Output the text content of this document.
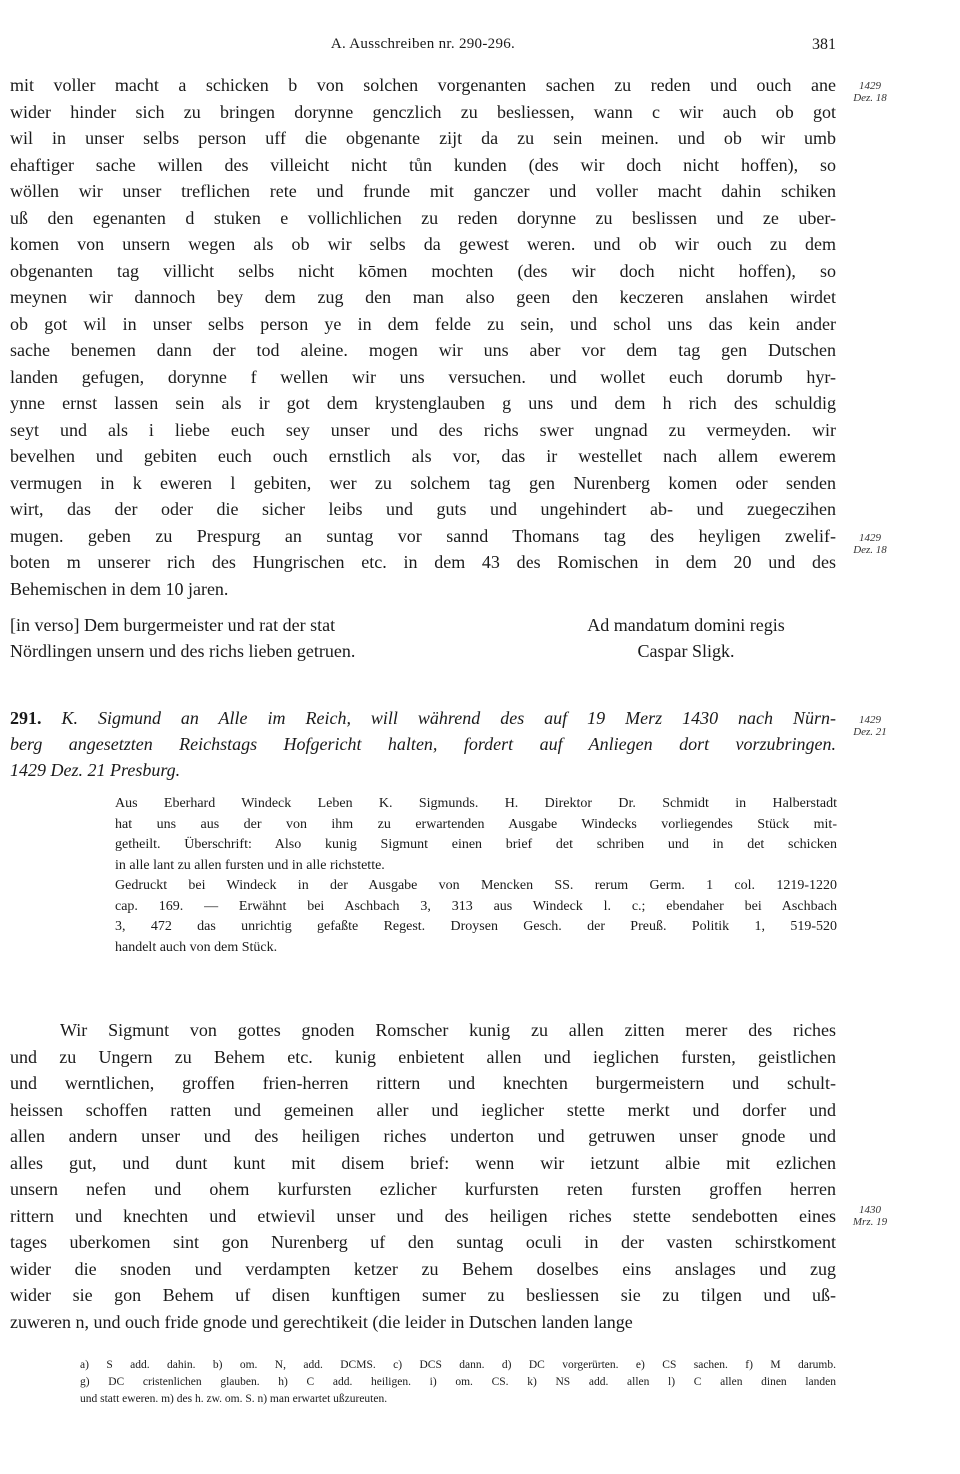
A. Ausschreiben nr. 290-296.	381
mit voller macht a schicken b von solchen vorgenanten sachen zu reden und ouch ane
wider hinder sich zu bringen dorynne genczlich zu besliessen, wann c wir auch ob got
wil in unser selbs person uff die obgenante zijt da zu sein meinen. und ob wir umb
ehaftiger sache willen des villeicht nicht tůn kunden (des wir doch nicht hoffen), so
wöllen wir unser treflichen rete und frunde mit ganczer und voller macht dahin schiken
uß den egenanten d stuken e vollichlichen zu reden dorynne zu beslissen und ze uber-
komen von unsern wegen als ob wir selbs da gewest weren. und ob wir ouch zu dem
obgenanten tag villicht selbs nicht kōmen mochten (des wir doch nicht hoffen), so
meynen wir dannoch bey dem zug den man also geen den keczeren anslahen wirdet
ob got wil in unser selbs person ye in dem felde zu sein, und schol uns das kein ander
sache benemen dann der tod aleine. mogen wir uns aber vor dem tag gen Dutschen
landen gefugen, dorynne f wellen wir uns versuchen. und wollet euch dorumb hyr-
ynne ernst lassen sein als ir got dem krystenglauben g uns und dem h rich des schuldig
seyt und als i liebe euch sey unser und des richs swer ungnad zu vermeyden. wir
bevelhen und gebiten euch ouch ernstlich als vor, das ir westellet nach allem ewerem
vermugen in k eweren l gebiten, wer zu solchem tag gen Nurenberg komen oder senden
wirt, das der oder die sicher leibs und guts und ungehindert ab- und zuegeczihen
mugen. geben zu Prespurg an suntag vor sannd Thomans tag des heyligen zwelif-
boten m unserer rich des Hungrischen etc. in dem 43 des Romischen in dem 20 und des
Behemischen in dem 10 jaren.
[in verso] Dem burgermeister und rat der stat	Ad mandatum domini regis
Nördlingen unsern und des richs lieben getruen.	Caspar Sligk.
291. K. Sigmund an Alle im Reich, will während des auf 19 Merz 1430 nach Nürn-
berg angesetzten Reichstags Hofgericht halten, fordert auf Anliegen dort vorzubringen.
1429 Dez. 21 Presburg.
Aus Eberhard Windeck Leben K. Sigmunds. H. Direktor Dr. Schmidt in Halberstadt
hat uns aus der von ihm zu erwartenden Ausgabe Windecks vorliegendes Stück mit-
getheilt. Überschrift: Also kunig Sigmunt einen brief det schriben und in det schicken
in alle lant zu allen fursten und in alle richstette.
Gedruckt bei Windeck in der Ausgabe von Mencken SS. rerum Germ. 1 col. 1219-1220
cap. 169. — Erwähnt bei Aschbach 3, 313 aus Windeck l. c.; ebendaher bei Aschbach
3, 472 das unrichtig gefaßte Regest. Droysen Gesch. der Preuß. Politik 1, 519-520
handelt auch von dem Stück.
Wir Sigmunt von gottes gnoden Romscher kunig zu allen zitten merer des riches
und zu Ungern zu Behem etc. kunig enbietent allen und ieglichen fursten, geistlichen
und werntlichen, groffen frien-herren rittern und knechten burgermeistern und schult-
heissen schoffen ratten und gemeinen aller und ieglicher stette merkt und dorfer und
allen andern unser und des heiligen riches underton und getruwen unser gnode und
alles gut, und dunt kunt mit disem brief: wenn wir ietzunt albie mit ezlichen
unsern nefen und ohem kurfursten ezlicher kurfursten reten fursten groffen herren
rittern und knechten und etwievil unser und des heiligen riches stette sendebotten eines
tages uberkomen sint gon Nurenberg uf den suntag oculi in der vasten schirstkoment
wider die snoden und verdampten ketzer zu Behem doselbes eins anslages und zug
wider sie gon Behem uf disen kunftigen sumer zu besliessen sie zu tilgen und uß-
zuweren n, und ouch fride gnode und gerechtikeit (die leider in Dutschen landen lange
1429
Dez. 18
1429
Dez. 18
1429
Dez. 21
1430
Mrz. 19
a) S add. dahin. b) om. N, add. DCMS. c) DCS dann. d) DC vorgerürten. e) CS sachen. f) M darumb.
g) DC cristenlichen glauben. h) C add. heiligen. i) om. CS. k) NS add. allen l) C allen dinen landen
und statt eweren. m) des h. zw. om. S. n) man erwartet ußzureuten.
